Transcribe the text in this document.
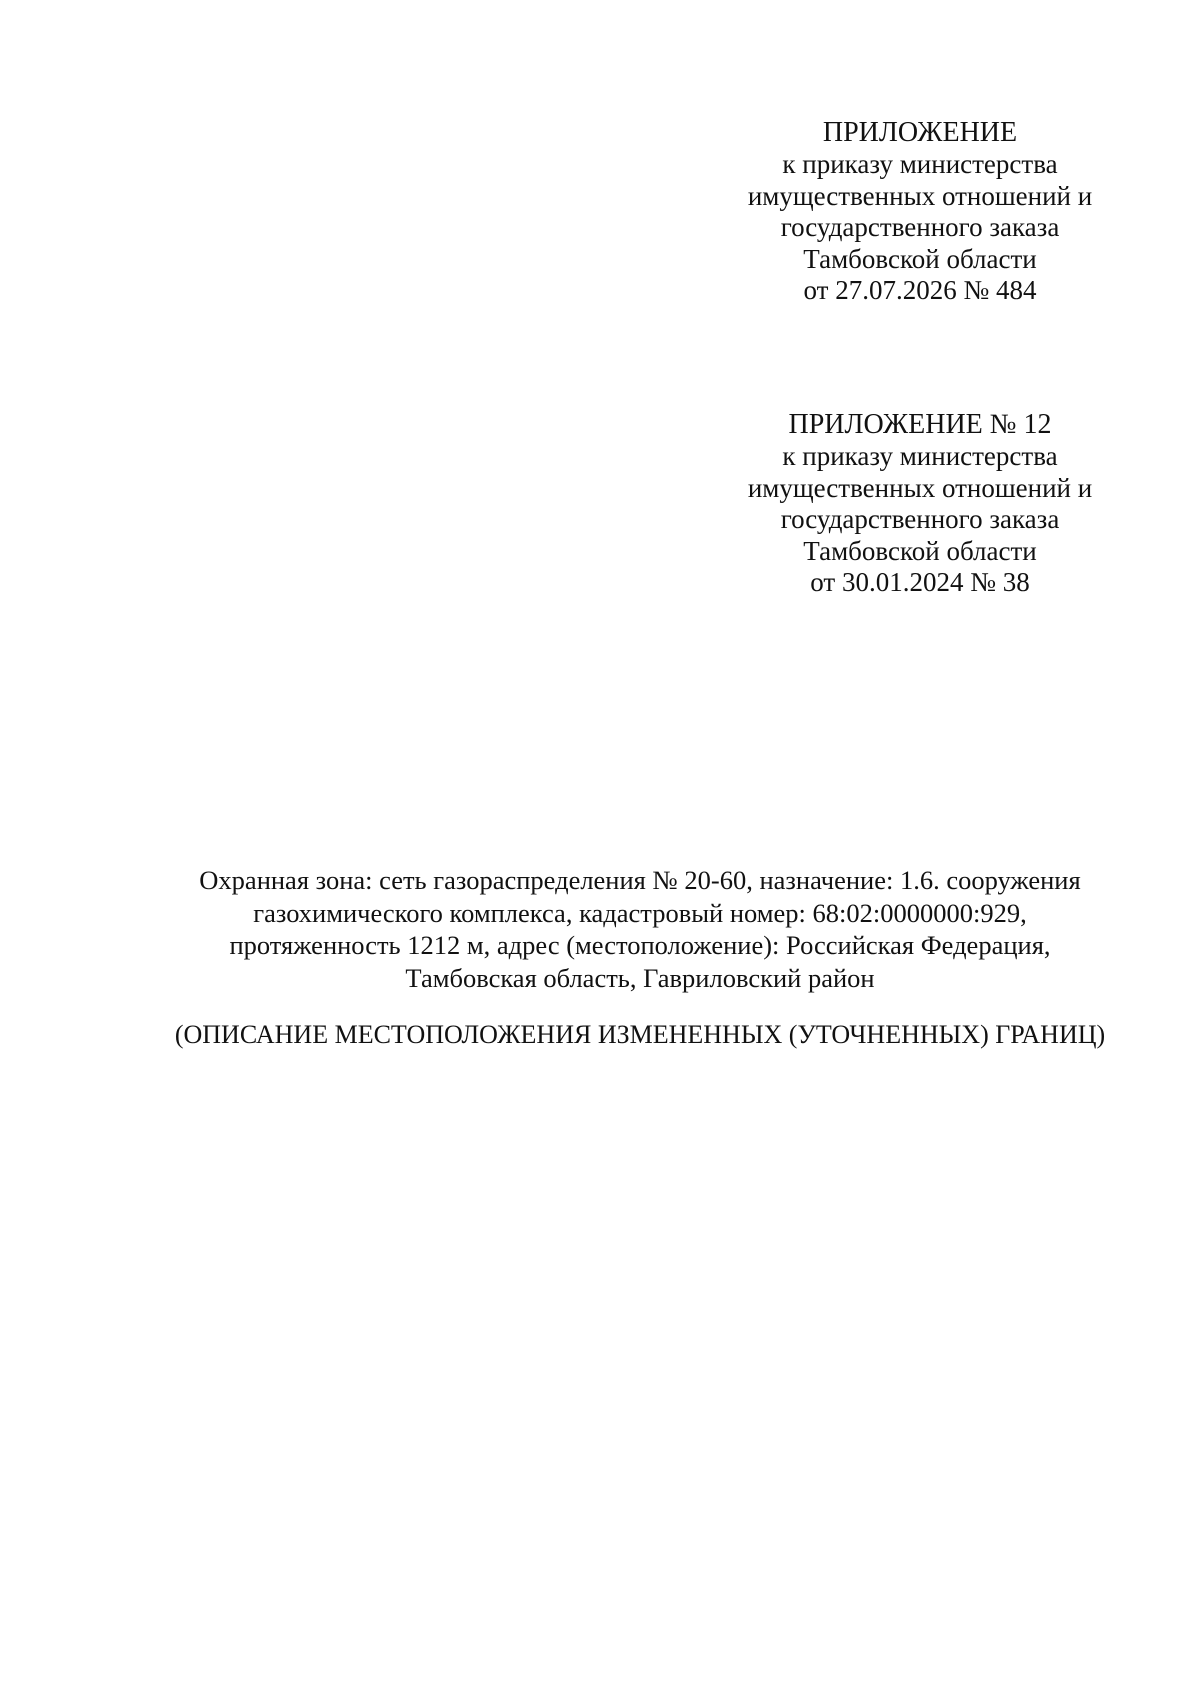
ПРИЛОЖЕНИЕ
к приказу министерства
имущественных отношений и
государственного заказа
Тамбовской области
от 27.07.2026 № 484
ПРИЛОЖЕНИЕ № 12
к приказу министерства
имущественных отношений и
государственного заказа
Тамбовской области
от 30.01.2024 № 38
Охранная зона: сеть газораспределения № 20-60, назначение: 1.6. сооружения
газохимического комплекса, кадастровый номер: 68:02:0000000:929,
протяженность 1212 м, адрес (местоположение): Российская Федерация,
Тамбовская область, Гавриловский район
(ОПИСАНИЕ МЕСТОПОЛОЖЕНИЯ ИЗМЕНЕННЫХ (УТОЧНЕННЫХ) ГРАНИЦ)
